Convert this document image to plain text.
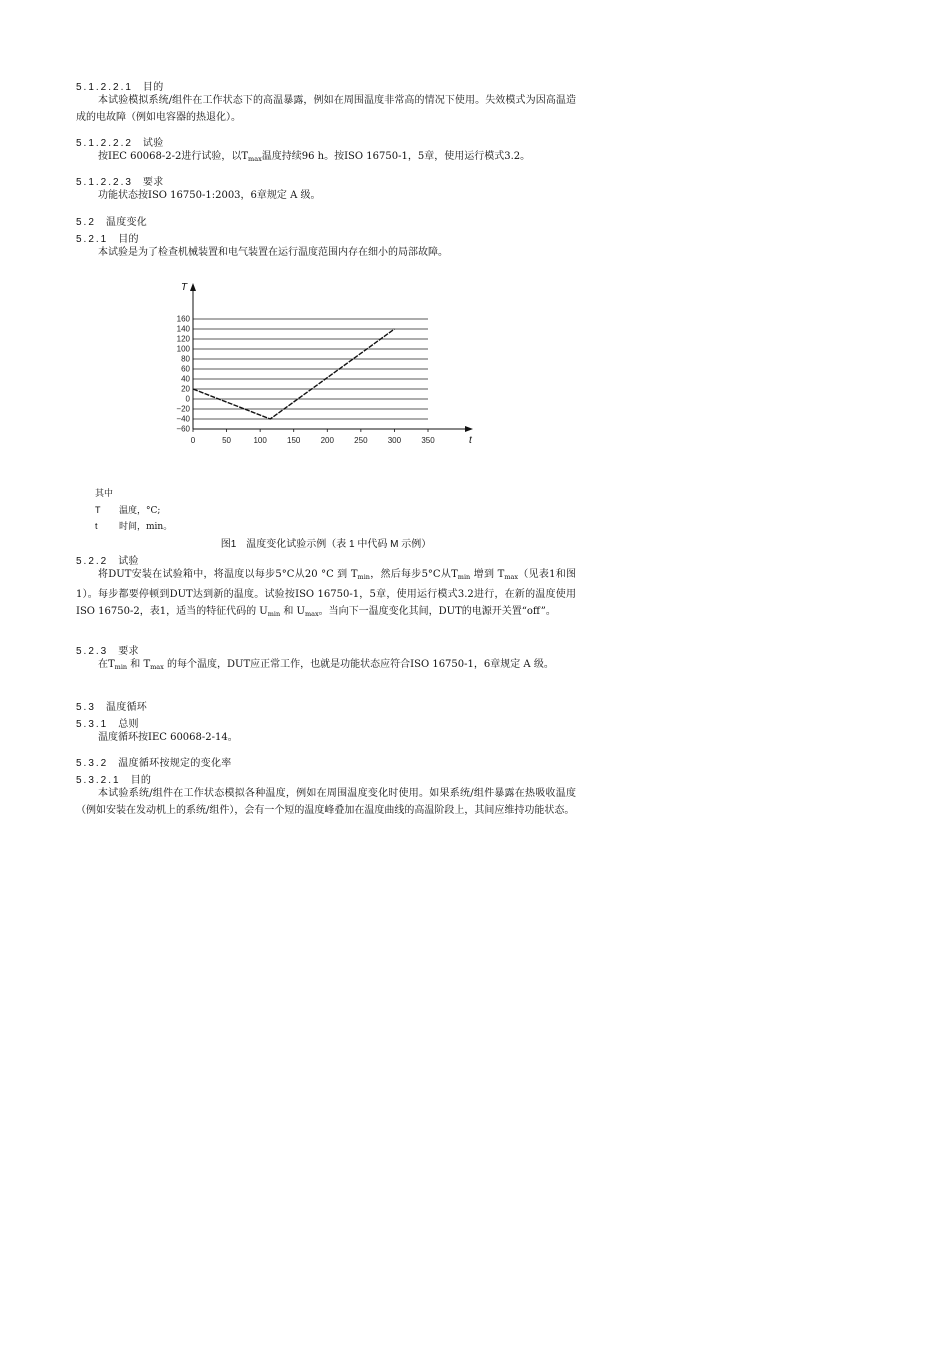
5.1.2.2.1 目的
本试验模拟系统/组件在工作状态下的高温暴露，例如在周围温度非常高的情况下使用。失效模式为因高温造成的电故障（例如电容器的热退化）。
5.1.2.2.2 试验
按IEC 60068-2-2进行试验，以$T_{max}$温度持续96 h。按ISO 16750-1，5章，使用运行模式3.2。
5.1.2.2.3 要求
功能状态按ISO 16750-1:2003，6章规定 A 级。
5.2 温度变化
5.2.1 目的
本试验是为了检查机械装置和电气装置在运行温度范围内存在细小的局部故障。
160
140
120
100
80
60
40
20
0
−20
−40
−60
0	50	100	150	200	250	300	350
T
t
其中
T 温度，°C;
t 时间，min。
图1　温度变化试验示例（表 1 中代码 M 示例）
5.2.2 试验
将DUT安装在试验箱中，将温度以每步5°C从20 °C 到 $T_{min}$，然后每步5°C从$T_{min}$ 增到 $T_{max}$（见表1和图1）。每步都要停顿到DUT达到新的温度。试验按ISO 16750-1，5章，使用运行模式3.2进行，在新的温度使用ISO 16750-2，表1，适当的特征代码的 $U_{min}$ 和 $U_{max}$。当向下一温度变化其间，DUT的电源开关置“off”。
5.2.3 要求
在$T_{min}$ 和 $T_{max}$ 的每个温度，DUT应正常工作，也就是功能状态应符合ISO 16750-1，6章规定 A 级。
5.3 温度循环
5.3.1 总则
温度循环按IEC 60068-2-14。
5.3.2 温度循环按规定的变化率
5.3.2.1 目的
本试验系统/组件在工作状态模拟各种温度，例如在周围温度变化时使用。如果系统/组件暴露在热吸收温度（例如安装在发动机上的系统/组件），会有一个短的温度峰叠加在温度曲线的高温阶段上，其间应维持功能状态。
